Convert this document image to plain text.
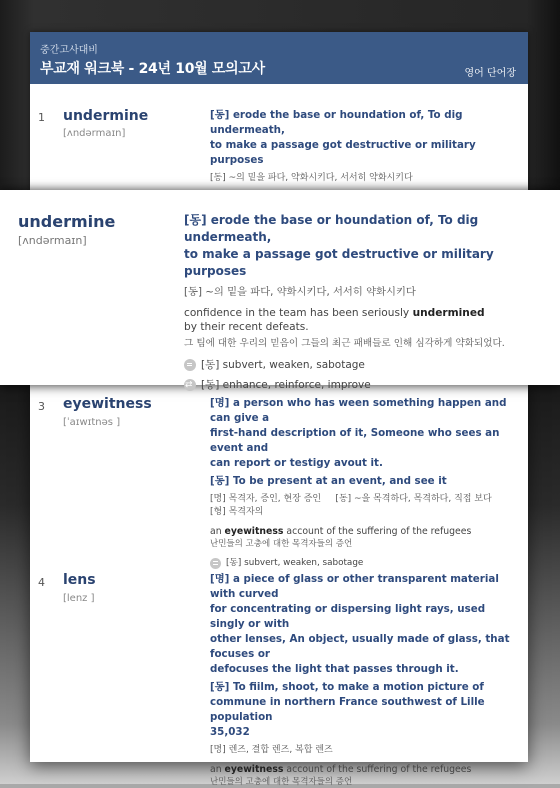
중간고사대비
부교재 워크북 - 24년 10월 모의고사	영어 단어장
1 undermine
[ʌndərmaɪn]
[동] erode the base or houndation of, To dig undermeath,
to make a passage got destructive or military purposes
[동] ~의 밑을 파다, 약화시키다, 서서히 약화시키다
undermine
[ʌndərmaɪn]
[동] erode the base or houndation of, To dig undermeath,
to make a passage got destructive or military purposes
[동] ~의 밑을 파다, 약화시키다, 서서히 약화시키다
confidence in the team has been seriously undermined
by their recent defeats.
그 팀에 대한 우리의 믿음이 그들의 최근 패배들로 인해 심각하게 약화되었다.
[동] subvert, weaken, sabotage
⇄
[동] enhance, reinforce, improve
3 eyewitness
[ˈaɪwɪtnəs ]
[명] a person who has ween something happen and can give a
first-hand description of it, Someone who sees an event and
can report or testigy avout it.
[동] To be present at an event, and see it
[명] 목격자, 증인, 현장 증인     [동] ~을 목격하다, 목격하다, 직접 보다
[형] 목격자의
an eyewitness account of the suffering of the refugees
난민들의 고충에 대한 목격자들의 증언
[동] subvert, weaken, sabotage
4 lens
[lenz ]
[명] a piece of glass or other transparent material with curved
for concentrating or dispersing light rays, used singly or with
other lenses, An object, usually made of glass, that focuses or
defocuses the light that passes through it.
[동] To fiilm, shoot, to make a motion picture of
commune in northern France southwest of Lille population
35,032
[명] 렌즈, 결합 렌즈, 복합 렌즈
an eyewitness account of the suffering of the refugees
난민들의 고충에 대한 목격자들의 증언
